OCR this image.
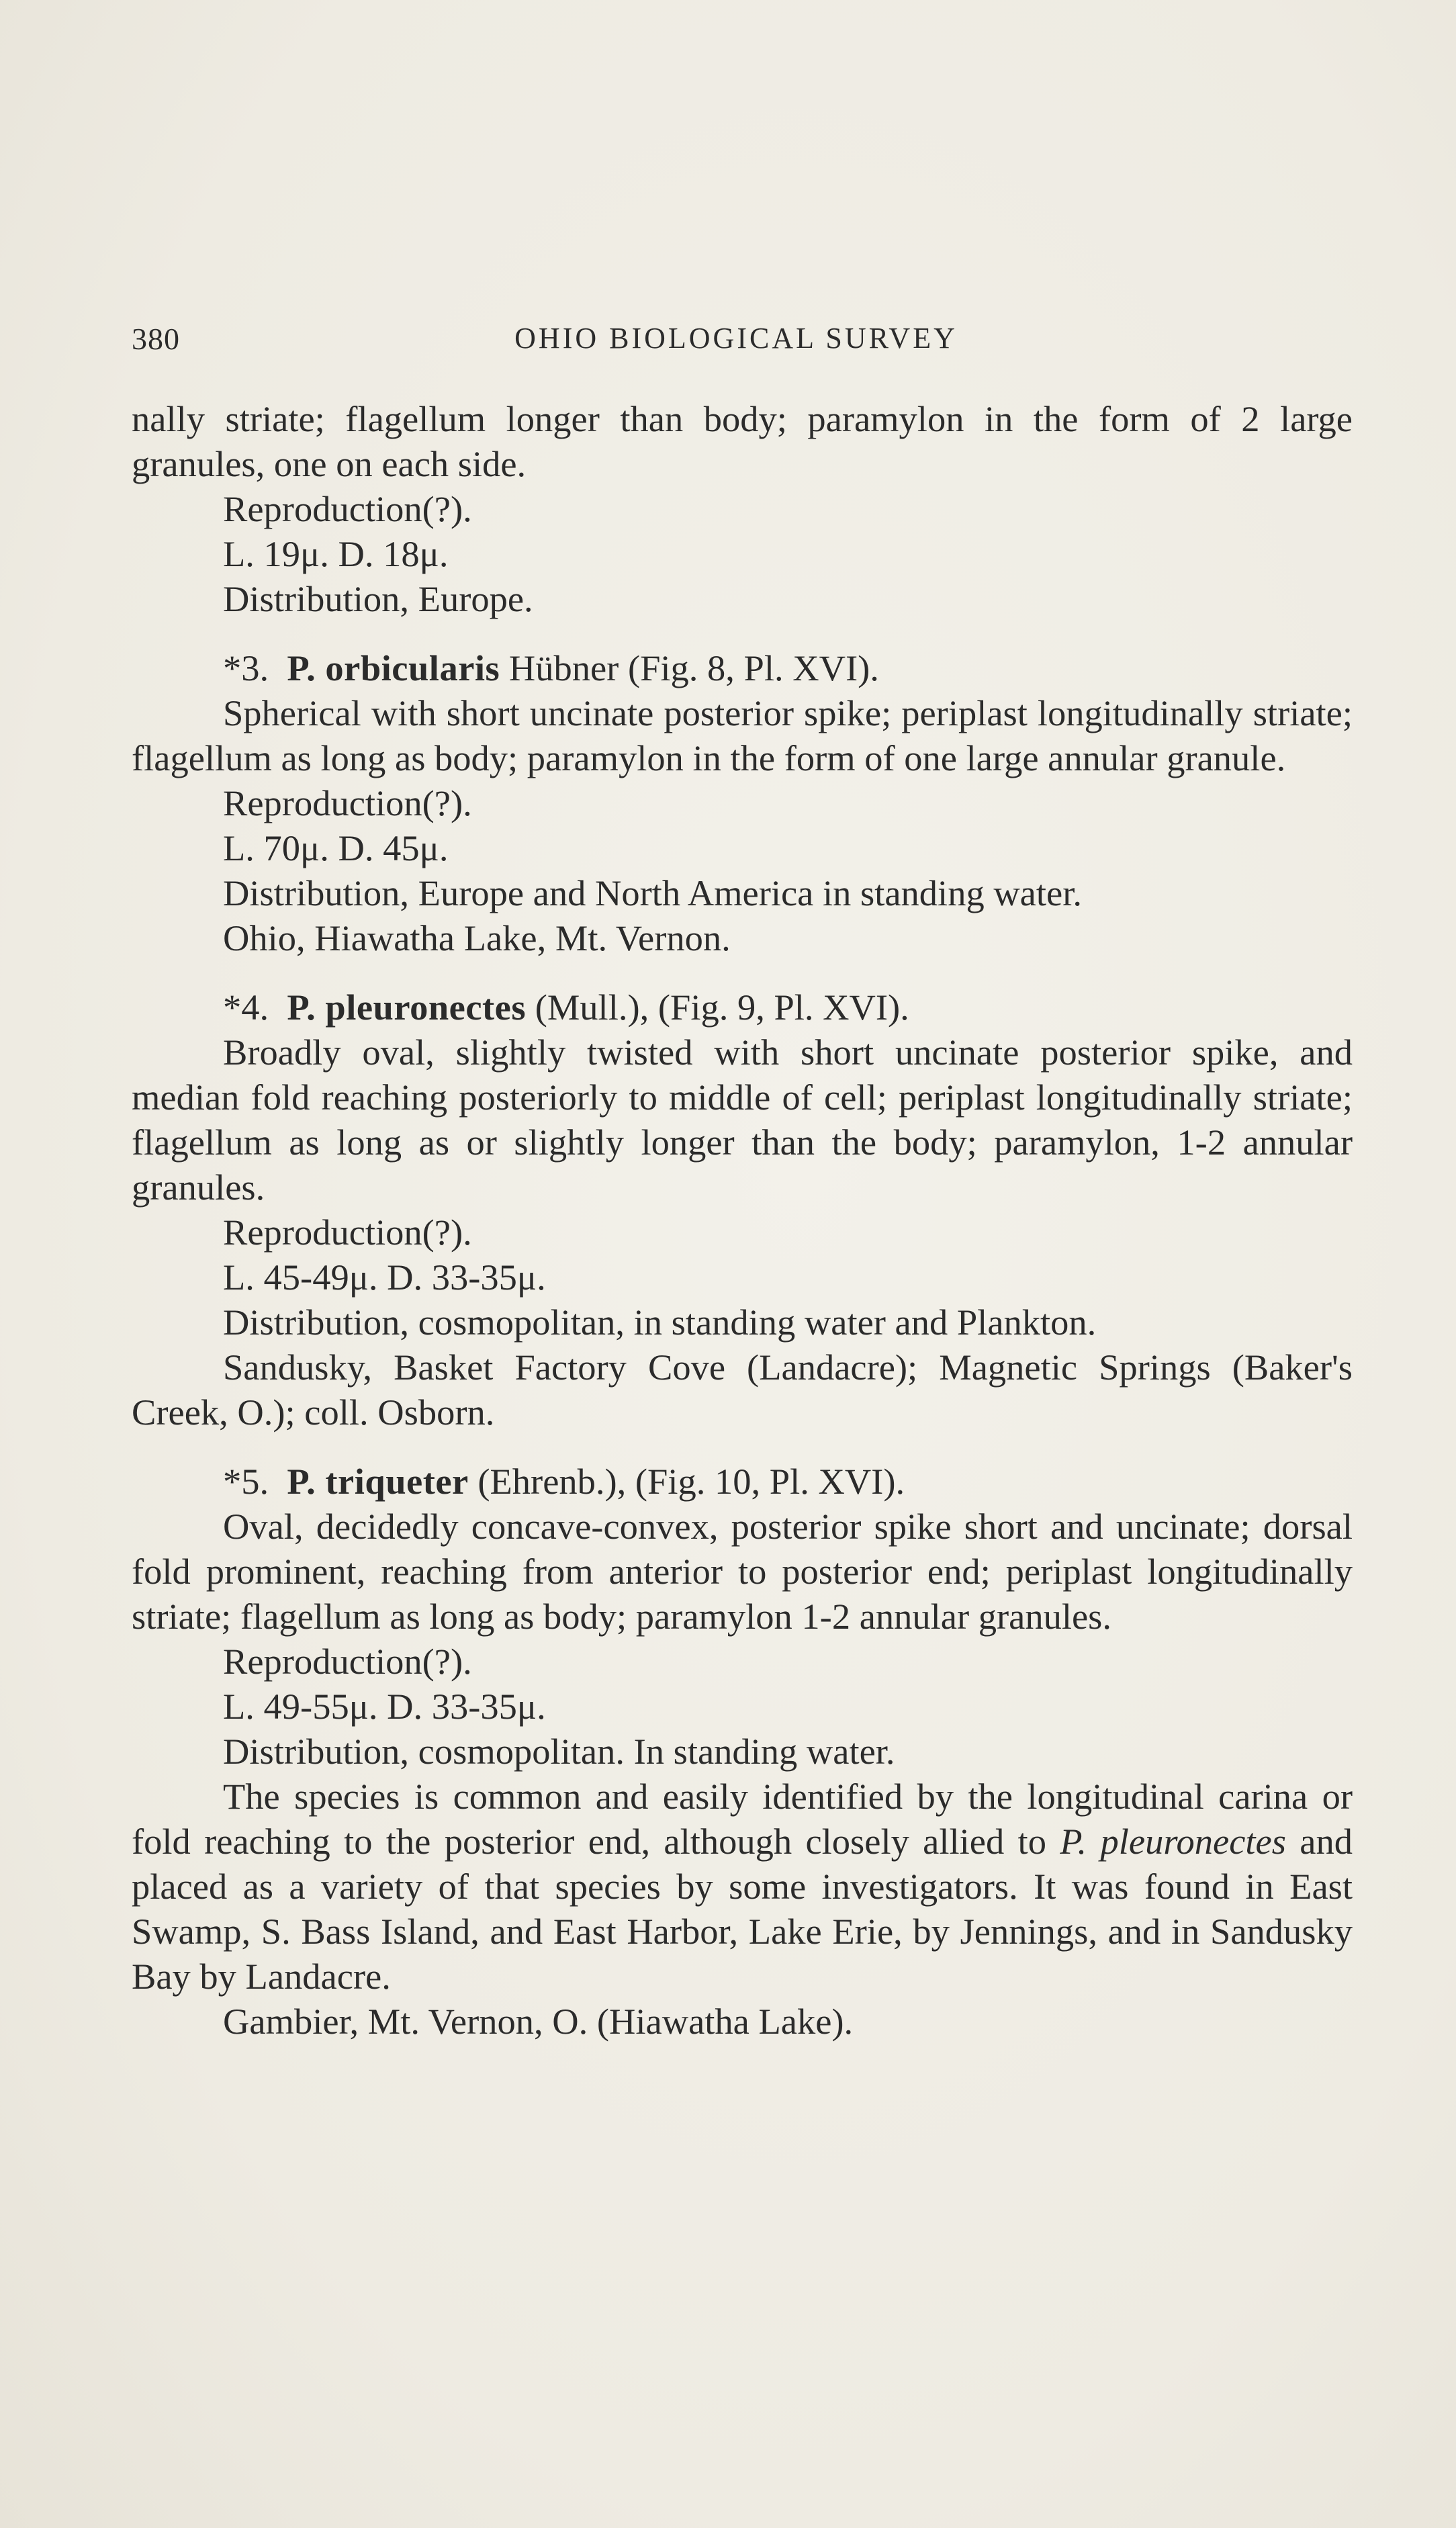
380	OHIO BIOLOGICAL SURVEY

nally striate; flagellum longer than body; paramylon in the form of 2 large granules, one on each side.

Reproduction(?).

L. 19μ. D. 18μ.

Distribution, Europe.

*3. P. orbicularis Hübner (Fig. 8, Pl. XVI).

Spherical with short uncinate posterior spike; periplast longitudinally striate; flagellum as long as body; paramylon in the form of one large annular granule.

Reproduction(?).

L. 70μ. D. 45μ.

Distribution, Europe and North America in standing water.

Ohio, Hiawatha Lake, Mt. Vernon.

*4. P. pleuronectes (Mull.), (Fig. 9, Pl. XVI).

Broadly oval, slightly twisted with short uncinate posterior spike, and median fold reaching posteriorly to middle of cell; periplast longitudinally striate; flagellum as long as or slightly longer than the body; paramylon, 1-2 annular granules.

Reproduction(?).

L. 45-49μ. D. 33-35μ.

Distribution, cosmopolitan, in standing water and Plankton.

Sandusky, Basket Factory Cove (Landacre); Magnetic Springs (Baker's Creek, O.); coll. Osborn.

*5. P. triqueter (Ehrenb.), (Fig. 10, Pl. XVI).

Oval, decidedly concave-convex, posterior spike short and uncinate; dorsal fold prominent, reaching from anterior to posterior end; periplast longitudinally striate; flagellum as long as body; paramylon 1-2 annular granules.

Reproduction(?).

L. 49-55μ. D. 33-35μ.

Distribution, cosmopolitan. In standing water.

The species is common and easily identified by the longitudinal carina or fold reaching to the posterior end, although closely allied to P. pleuronectes and placed as a variety of that species by some investigators. It was found in East Swamp, S. Bass Island, and East Harbor, Lake Erie, by Jennings, and in Sandusky Bay by Landacre.

Gambier, Mt. Vernon, O. (Hiawatha Lake).
